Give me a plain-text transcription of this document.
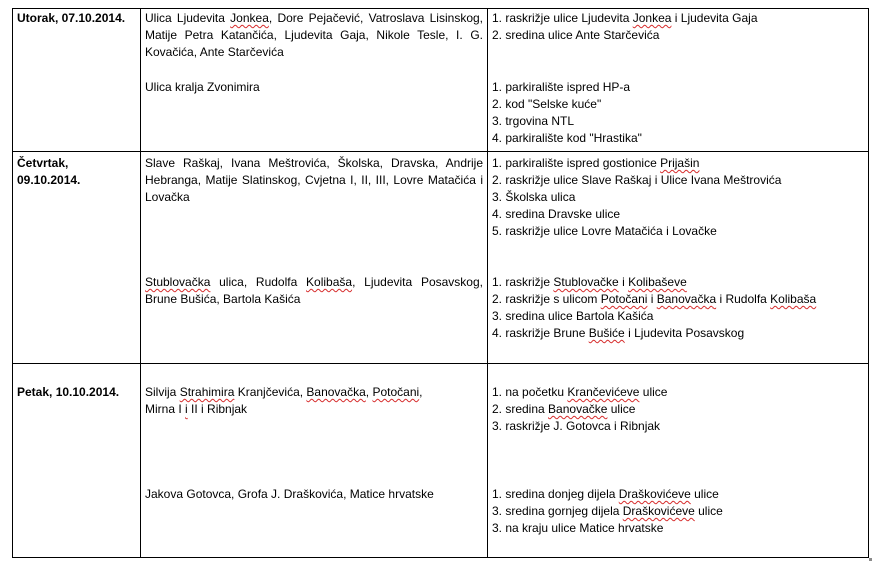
Utorak, 07.10.2014. Ulica Ljudevita Jonkea, Dore Pejačević, Vatroslava Lisinskog, Matije Petra Katančića, Ljudevita Gaja, Nikole Tesle, I. G. Kovačića, Ante Starčevića
Ulica kralja Zvonimira
1. raskrižje ulice Ljudevita Jonkea i Ljudevita Gaja
2. sredina ulice Ante Starčevića
1. parkiralište ispred HP-a
2. kod "Selske kuće"
3. trgovina NTL
4. parkiralište kod "Hrastika"
Četvrtak,
09.10.2014.
Slave Raškaj, Ivana Meštrovića, Školska, Dravska, Andrije Hebranga, Matije Slatinskog, Cvjetna I, II, III, Lovre Matačića i Lovačka
Stublovačka ulica, Rudolfa Kolibaša, Ljudevita Posavskog, Brune Bušića, Bartola Kašića
1. parkiralište ispred gostionice Prijašin
2. raskrižje ulice Slave Raškaj i Ulice Ivana Meštrovića
3. Školska ulica
4. sredina Dravske ulice
5. raskrižje ulice Lovre Matačića i Lovačke
1. raskrižje Stublovačke i Kolibaševe
2. raskrižje s ulicom Potočani i Banovačka i Rudolfa Kolibaša
3. sredina ulice Bartola Kašića
4. raskrižje Brune Bušiće i Ljudevita Posavskog
Petak, 10.10.2014. Silvija Strahimira Kranjčevića, Banovačka, Potočani,
Mirna I i II i Ribnjak
Jakova Gotovca, Grofa J. Draškovića, Matice hrvatske
1. na početku Krančevićeve ulice
2. sredina Banovačke ulice
3. raskrižje J. Gotovca i Ribnjak
1. sredina donjeg dijela Draškovićeve ulice
3. sredina gornjeg dijela Draškovićeve ulice
3. na kraju ulice Matice hrvatske
